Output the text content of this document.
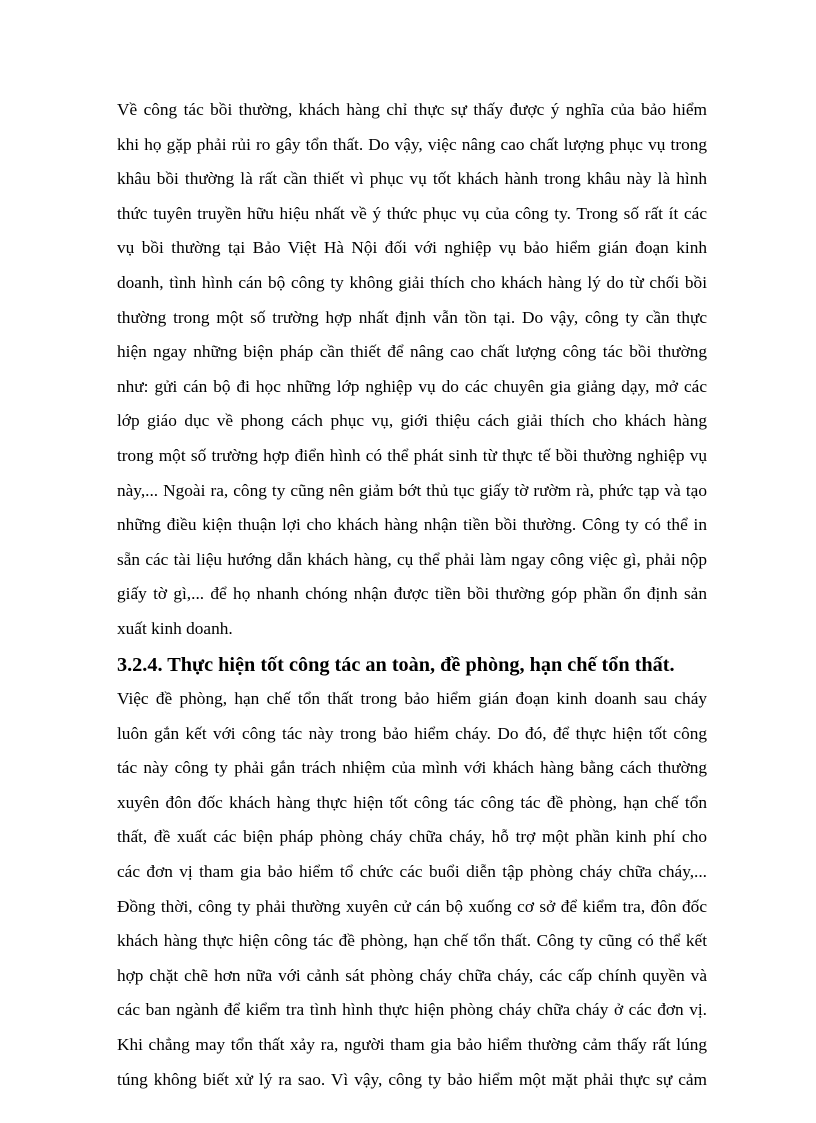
Về công tác bồi thường, khách hàng chỉ thực sự thấy được ý nghĩa của bảo hiểm
khi họ gặp phải rủi ro gây tổn thất. Do vậy, việc nâng cao chất lượng phục vụ trong
khâu bồi thường là rất cần thiết vì phục vụ tốt khách hành trong khâu này là hình
thức tuyên truyền hữu hiệu nhất về ý thức phục vụ của công ty. Trong số rất ít các
vụ bồi thường tại Bảo Việt Hà Nội đối với nghiệp vụ bảo hiểm gián đoạn kinh
doanh, tình hình cán bộ công ty không giải thích cho khách hàng lý do từ chối bồi
thường trong một số trường hợp nhất định vẫn tồn tại. Do vậy, công ty cần thực
hiện ngay những biện pháp cần thiết để nâng cao chất lượng công tác bồi thường
như: gửi cán bộ đi học những lớp nghiệp vụ do các chuyên gia giảng dạy, mở các
lớp giáo dục về phong cách phục vụ, giới thiệu cách giải thích cho khách hàng
trong một số trường hợp điển hình có thể phát sinh từ thực tế bồi thường nghiệp vụ
này,... Ngoài ra, công ty cũng nên giảm bớt thủ tục giấy tờ rườm rà, phức tạp và tạo
những điều kiện thuận lợi cho khách hàng nhận tiền bồi thường. Công ty có thể in
sẵn các tài liệu hướng dẫn khách hàng, cụ thể phải làm ngay công việc gì, phải nộp
giấy tờ gì,... để họ nhanh chóng nhận được tiền bồi thường góp phần ổn định sản
xuất kinh doanh.

3.2.4. Thực hiện tốt công tác an toàn, đề phòng, hạn chế tổn thất.

Việc đề phòng, hạn chế tổn thất trong bảo hiểm gián đoạn kinh doanh sau cháy
luôn gắn kết với công tác này trong bảo hiểm cháy. Do đó, để thực hiện tốt công
tác này công ty phải gắn trách nhiệm của mình với khách hàng bằng cách thường
xuyên đôn đốc khách hàng thực hiện tốt công tác công tác đề phòng, hạn chế tổn
thất, đề xuất các biện pháp phòng cháy chữa cháy, hỗ trợ một phần kinh phí cho
các đơn vị tham gia bảo hiểm tổ chức các buổi diễn tập phòng cháy chữa cháy,...
Đồng thời, công ty phải thường xuyên cử cán bộ xuống cơ sở để kiểm tra, đôn đốc
khách hàng thực hiện công tác đề phòng, hạn chế tổn thất. Công ty cũng có thể kết
hợp chặt chẽ hơn nữa với cảnh sát phòng cháy chữa cháy, các cấp chính quyền và
các ban ngành để kiểm tra tình hình thực hiện phòng cháy chữa cháy ở các đơn vị.
Khi chẳng may tổn thất xảy ra, người tham gia bảo hiểm thường cảm thấy rất lúng
túng không biết xử lý ra sao. Vì vậy, công ty bảo hiểm một mặt phải thực sự cảm
